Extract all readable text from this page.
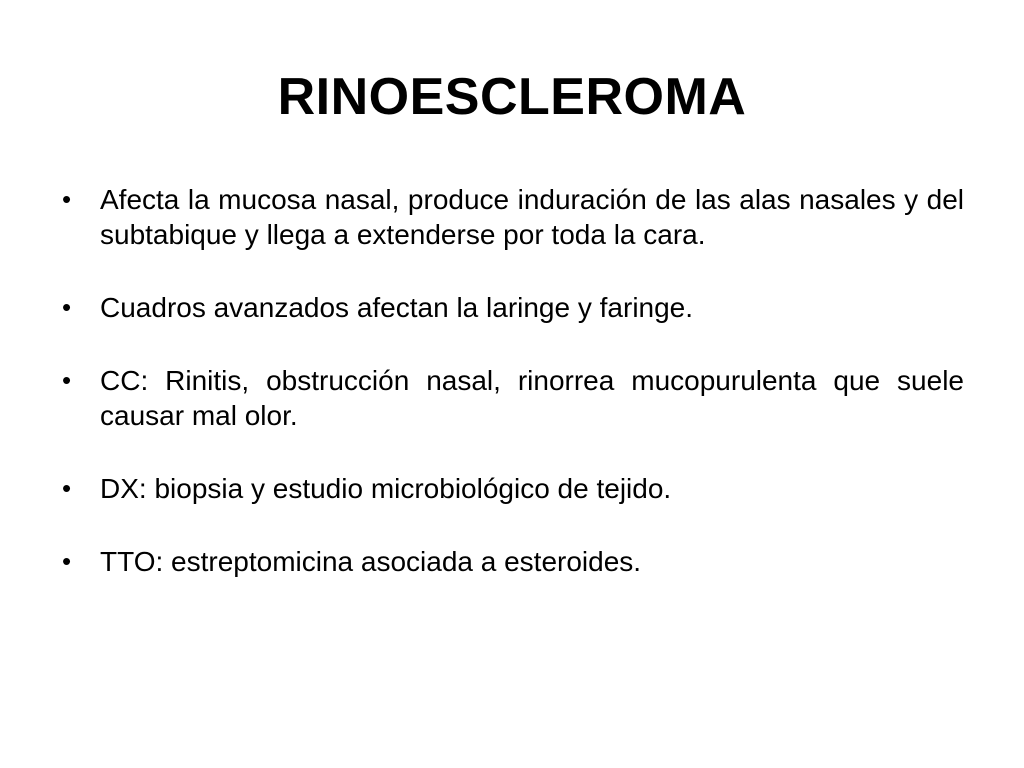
RINOESCLEROMA
• Afecta la mucosa nasal, produce induración de las alas nasales y del subtabique y llega a extenderse por toda la cara.
• Cuadros avanzados afectan la laringe y faringe.
• CC: Rinitis, obstrucción nasal, rinorrea mucopurulenta que suele causar mal olor.
• DX: biopsia y estudio microbiológico de tejido.
• TTO: estreptomicina asociada a esteroides.
